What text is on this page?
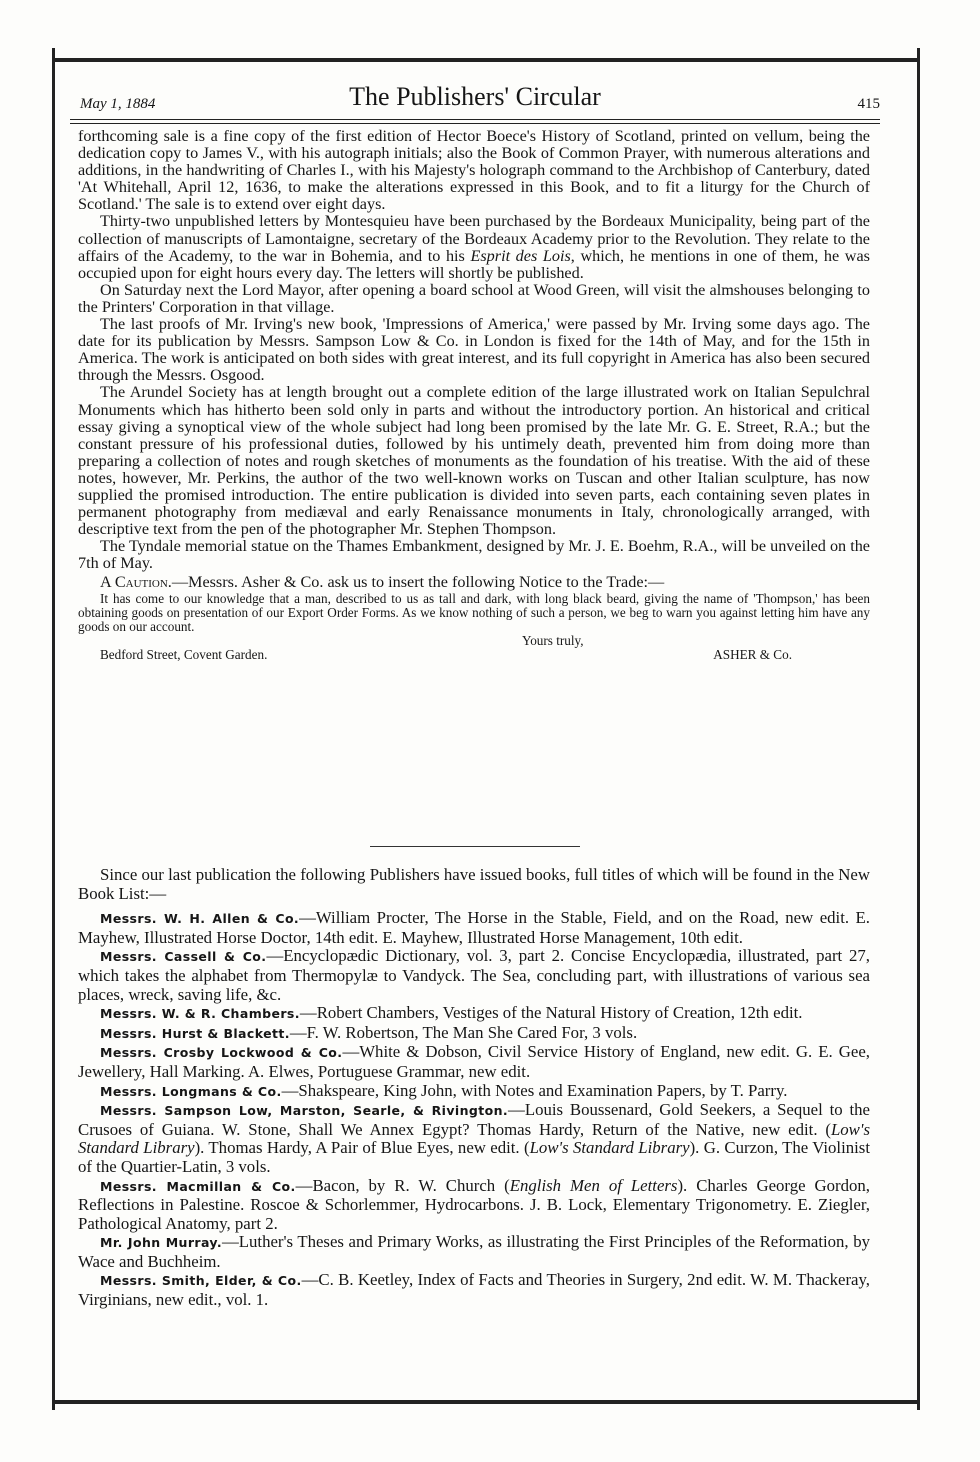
May 1, 1884	The Publishers' Circular	415

forthcoming sale is a fine copy of the first edition of Hector Boece's History of Scotland, printed on vellum, being the dedication copy to James V., with his autograph initials; also the Book of Common Prayer, with numerous alterations and additions, in the handwriting of Charles I., with his Majesty's holograph command to the Archbishop of Canterbury, dated 'At Whitehall, April 12, 1636, to make the alterations expressed in this Book, and to fit a liturgy for the Church of Scotland.' The sale is to extend over eight days.

Thirty-two unpublished letters by Montesquieu have been purchased by the Bordeaux Municipality, being part of the collection of manuscripts of Lamontaigne, secretary of the Bordeaux Academy prior to the Revolution. They relate to the affairs of the Academy, to the war in Bohemia, and to his Esprit des Lois, which, he mentions in one of them, he was occupied upon for eight hours every day. The letters will shortly be published.

On Saturday next the Lord Mayor, after opening a board school at Wood Green, will visit the almshouses belonging to the Printers' Corporation in that village.

The last proofs of Mr. Irving's new book, 'Impressions of America,' were passed by Mr. Irving some days ago. The date for its publication by Messrs. Sampson Low & Co. in London is fixed for the 14th of May, and for the 15th in America. The work is anticipated on both sides with great interest, and its full copyright in America has also been secured through the Messrs. Osgood.

The Arundel Society has at length brought out a complete edition of the large illustrated work on Italian Sepulchral Monuments which has hitherto been sold only in parts and without the introductory portion. An historical and critical essay giving a synoptical view of the whole subject had long been promised by the late Mr. G. E. Street, R.A.; but the constant pressure of his professional duties, followed by his untimely death, prevented him from doing more than preparing a collection of notes and rough sketches of monuments as the foundation of his treatise. With the aid of these notes, however, Mr. Perkins, the author of the two well-known works on Tuscan and other Italian sculpture, has now supplied the promised introduction. The entire publication is divided into seven parts, each containing seven plates in permanent photography from mediæval and early Renaissance monuments in Italy, chronologically arranged, with descriptive text from the pen of the photographer Mr. Stephen Thompson.

The Tyndale memorial statue on the Thames Embankment, designed by Mr. J. E. Boehm, R.A., will be unveiled on the 7th of May.

A Caution.—Messrs. Asher & Co. ask us to insert the following Notice to the Trade:—

It has come to our knowledge that a man, described to us as tall and dark, with long black beard, giving the name of 'Thompson,' has been obtaining goods on presentation of our Export Order Forms. As we know nothing of such a person, we beg to warn you against letting him have any goods on our account.

Yours truly,
Bedford Street, Covent Garden.	ASHER & Co.

Since our last publication the following Publishers have issued books, full titles of which will be found in the New Book List:—

Messrs. W. H. Allen & Co.—William Procter, The Horse in the Stable, Field, and on the Road, new edit. E. Mayhew, Illustrated Horse Doctor, 14th edit. E. Mayhew, Illustrated Horse Management, 10th edit.

Messrs. Cassell & Co.—Encyclopædic Dictionary, vol. 3, part 2. Concise Encyclopædia, illustrated, part 27, which takes the alphabet from Thermopylæ to Vandyck. The Sea, concluding part, with illustrations of various sea places, wreck, saving life, &c.

Messrs. W. & R. Chambers.—Robert Chambers, Vestiges of the Natural History of Creation, 12th edit.

Messrs. Hurst & Blackett.—F. W. Robertson, The Man She Cared For, 3 vols.

Messrs. Crosby Lockwood & Co.—White & Dobson, Civil Service History of England, new edit. G. E. Gee, Jewellery, Hall Marking. A. Elwes, Portuguese Grammar, new edit.

Messrs. Longmans & Co.—Shakspeare, King John, with Notes and Examination Papers, by T. Parry.

Messrs. Sampson Low, Marston, Searle, & Rivington.—Louis Boussenard, Gold Seekers, a Sequel to the Crusoes of Guiana. W. Stone, Shall We Annex Egypt? Thomas Hardy, Return of the Native, new edit. (Low's Standard Library). Thomas Hardy, A Pair of Blue Eyes, new edit. (Low's Standard Library). G. Curzon, The Violinist of the Quartier-Latin, 3 vols.

Messrs. Macmillan & Co.—Bacon, by R. W. Church (English Men of Letters). Charles George Gordon, Reflections in Palestine. Roscoe & Schorlemmer, Hydrocarbons. J. B. Lock, Elementary Trigonometry. E. Ziegler, Pathological Anatomy, part 2.

Mr. John Murray.—Luther's Theses and Primary Works, as illustrating the First Principles of the Reformation, by Wace and Buchheim.

Messrs. Smith, Elder, & Co.—C. B. Keetley, Index of Facts and Theories in Surgery, 2nd edit. W. M. Thackeray, Virginians, new edit., vol. 1.
